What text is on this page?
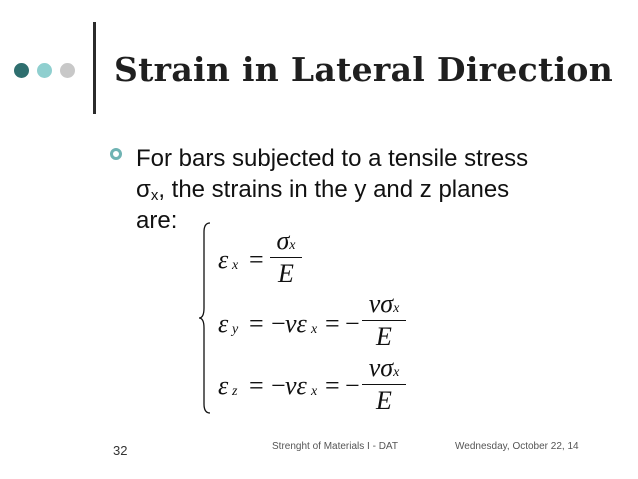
Strain in Lateral Direction
For bars subjected to a tensile stress
$\sigma_x$, the strains in the y and z planes
are:
ε x =
σx
E
ε y = − νε x = −
νσx
E
ε z = − νε x = −
νσx
E
32	Strenght of Materials I - DAT	Wednesday, October 22, 14
